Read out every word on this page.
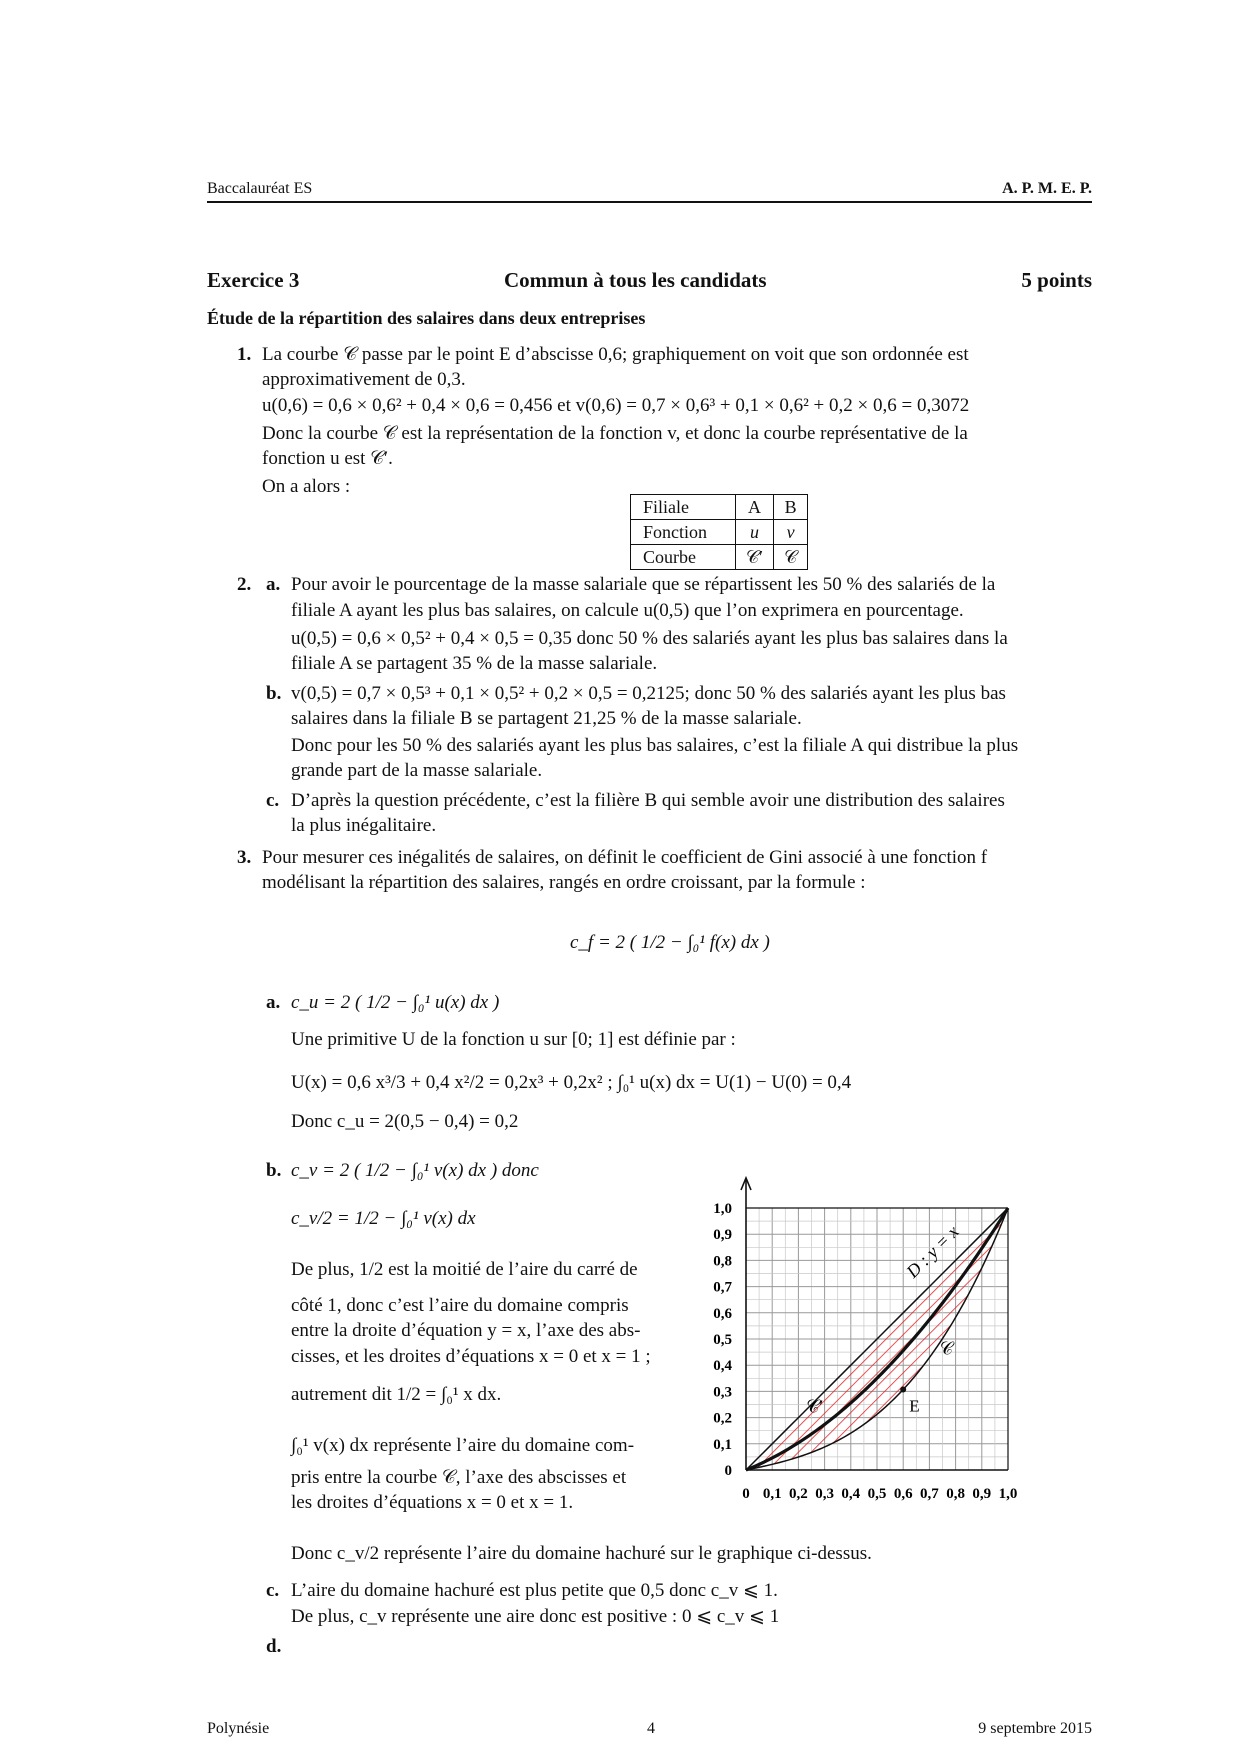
Baccalauréat ES	A. P. M. E. P.
Exercice 3	Commun à tous les candidats	5 points
Étude de la répartition des salaires dans deux entreprises
1. La courbe 𝒞 passe par le point E d’abscisse 0,6; graphiquement on voit que son ordonnée est
approximativement de 0,3.
u(0,6) = 0,6 × 0,6² + 0,4 × 0,6 = 0,456 et v(0,6) = 0,7 × 0,6³ + 0,1 × 0,6² + 0,2 × 0,6 = 0,3072
Donc la courbe 𝒞 est la représentation de la fonction v, et donc la courbe représentative de la
fonction u est 𝒞′.
On a alors :
Filiale	A	B
Fonction	u	v
Courbe	𝒞′	𝒞
2. a. Pour avoir le pourcentage de la masse salariale que se répartissent les 50 % des salariés de la
filiale A ayant les plus bas salaires, on calcule u(0,5) que l’on exprimera en pourcentage.
u(0,5) = 0,6 × 0,5² + 0,4 × 0,5 = 0,35 donc 50 % des salariés ayant les plus bas salaires dans la
filiale A se partagent 35 % de la masse salariale.
b. v(0,5) = 0,7 × 0,5³ + 0,1 × 0,5² + 0,2 × 0,5 = 0,2125; donc 50 % des salariés ayant les plus bas
salaires dans la filiale B se partagent 21,25 % de la masse salariale.
Donc pour les 50 % des salariés ayant les plus bas salaires, c’est la filiale A qui distribue la plus
grande part de la masse salariale.
c. D’après la question précédente, c’est la filière B qui semble avoir une distribution des salaires
la plus inégalitaire.
3. Pour mesurer ces inégalités de salaires, on définit le coefficient de Gini associé à une fonction f
modélisant la répartition des salaires, rangés en ordre croissant, par la formule :
c_f = 2 ( 1/2 − ∫₀¹ f(x) dx )
a. c_u = 2 ( 1/2 − ∫₀¹ u(x) dx )
Une primitive U de la fonction u sur [0; 1] est définie par :
U(x) = 0,6 x³/3 + 0,4 x²/2 = 0,2x³ + 0,2x² ; ∫₀¹ u(x) dx = U(1) − U(0) = 0,4
Donc c_u = 2(0,5 − 0,4) = 0,2
b. c_v = 2 ( 1/2 − ∫₀¹ v(x) dx ) donc
c_v/2 = 1/2 − ∫₀¹ v(x) dx
De plus, 1/2 est la moitié de l’aire du carré de
côté 1, donc c’est l’aire du domaine compris
entre la droite d’équation y = x, l’axe des abs-
cisses, et les droites d’équations x = 0 et x = 1 ;
autrement dit 1/2 = ∫₀¹ x dx.
∫₀¹ v(x) dx représente l’aire du domaine com-
pris entre la courbe 𝒞, l’axe des abscisses et
les droites d’équations x = 0 et x = 1.
Donc c_v/2 représente l’aire du domaine hachuré sur le graphique ci-dessus.
c. L’aire du domaine hachuré est plus petite que 0,5 donc c_v ⩽ 1.
De plus, c_v représente une aire donc est positive : 0 ⩽ c_v ⩽ 1
d.
E
D : y = x
𝒞
𝒞′
0 0,1 0,2 0,3 0,4 0,5 0,6 0,7 0,8 0,9 1,0
0
0,1
0,2
0,3
0,4
0,5
0,6
0,7
0,8
0,9
1,0
Polynésie	4	9 septembre 2015
